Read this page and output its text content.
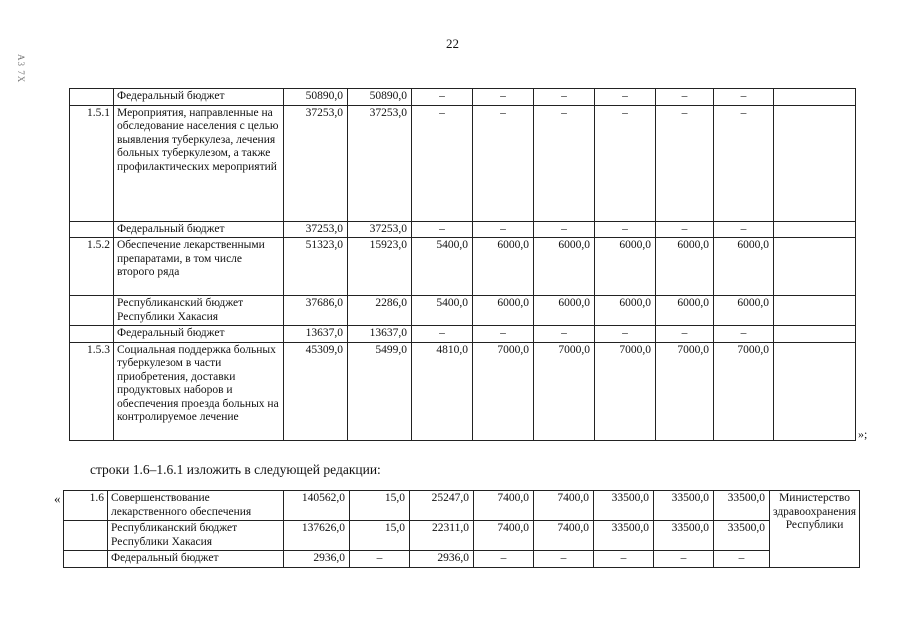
22
А3 7Х
	Федеральный бюджет	50890,0	50890,0	–	–	–	–	–	–	
1.5.1	Мероприятия, направленные на обследование населения с целью выявления туберкулеза, лечения больных туберкулезом, а также профилактических мероприятий	37253,0	37253,0	–	–	–	–	–	–	
	Федеральный бюджет	37253,0	37253,0	–	–	–	–	–	–	
1.5.2	Обеспечение лекарственными препаратами, в том числе второго ряда	51323,0	15923,0	5400,0	6000,0	6000,0	6000,0	6000,0	6000,0	
	Республиканский бюджет Республики Хакасия	37686,0	2286,0	5400,0	6000,0	6000,0	6000,0	6000,0	6000,0	
	Федеральный бюджет	13637,0	13637,0	–	–	–	–	–	–	
1.5.3	Социальная поддержка больных туберкулезом в части приобретения, доставки продуктовых наборов и обеспечения проезда больных на контролируемое лечение	45309,0	5499,0	4810,0	7000,0	7000,0	7000,0	7000,0	7000,0	
»;
строки 1.6–1.6.1 изложить в следующей редакции:
«	1.6	Совершенствование лекарственного обеспечения	140562,0	15,0	25247,0	7400,0	7400,0	33500,0	33500,0	33500,0	Министерство здравоохранения Республики
	Республиканский бюджет Республики Хакасия	137626,0	15,0	22311,0	7400,0	7400,0	33500,0	33500,0	33500,0	
	Федеральный бюджет	2936,0	–	2936,0	–	–	–	–	–	
